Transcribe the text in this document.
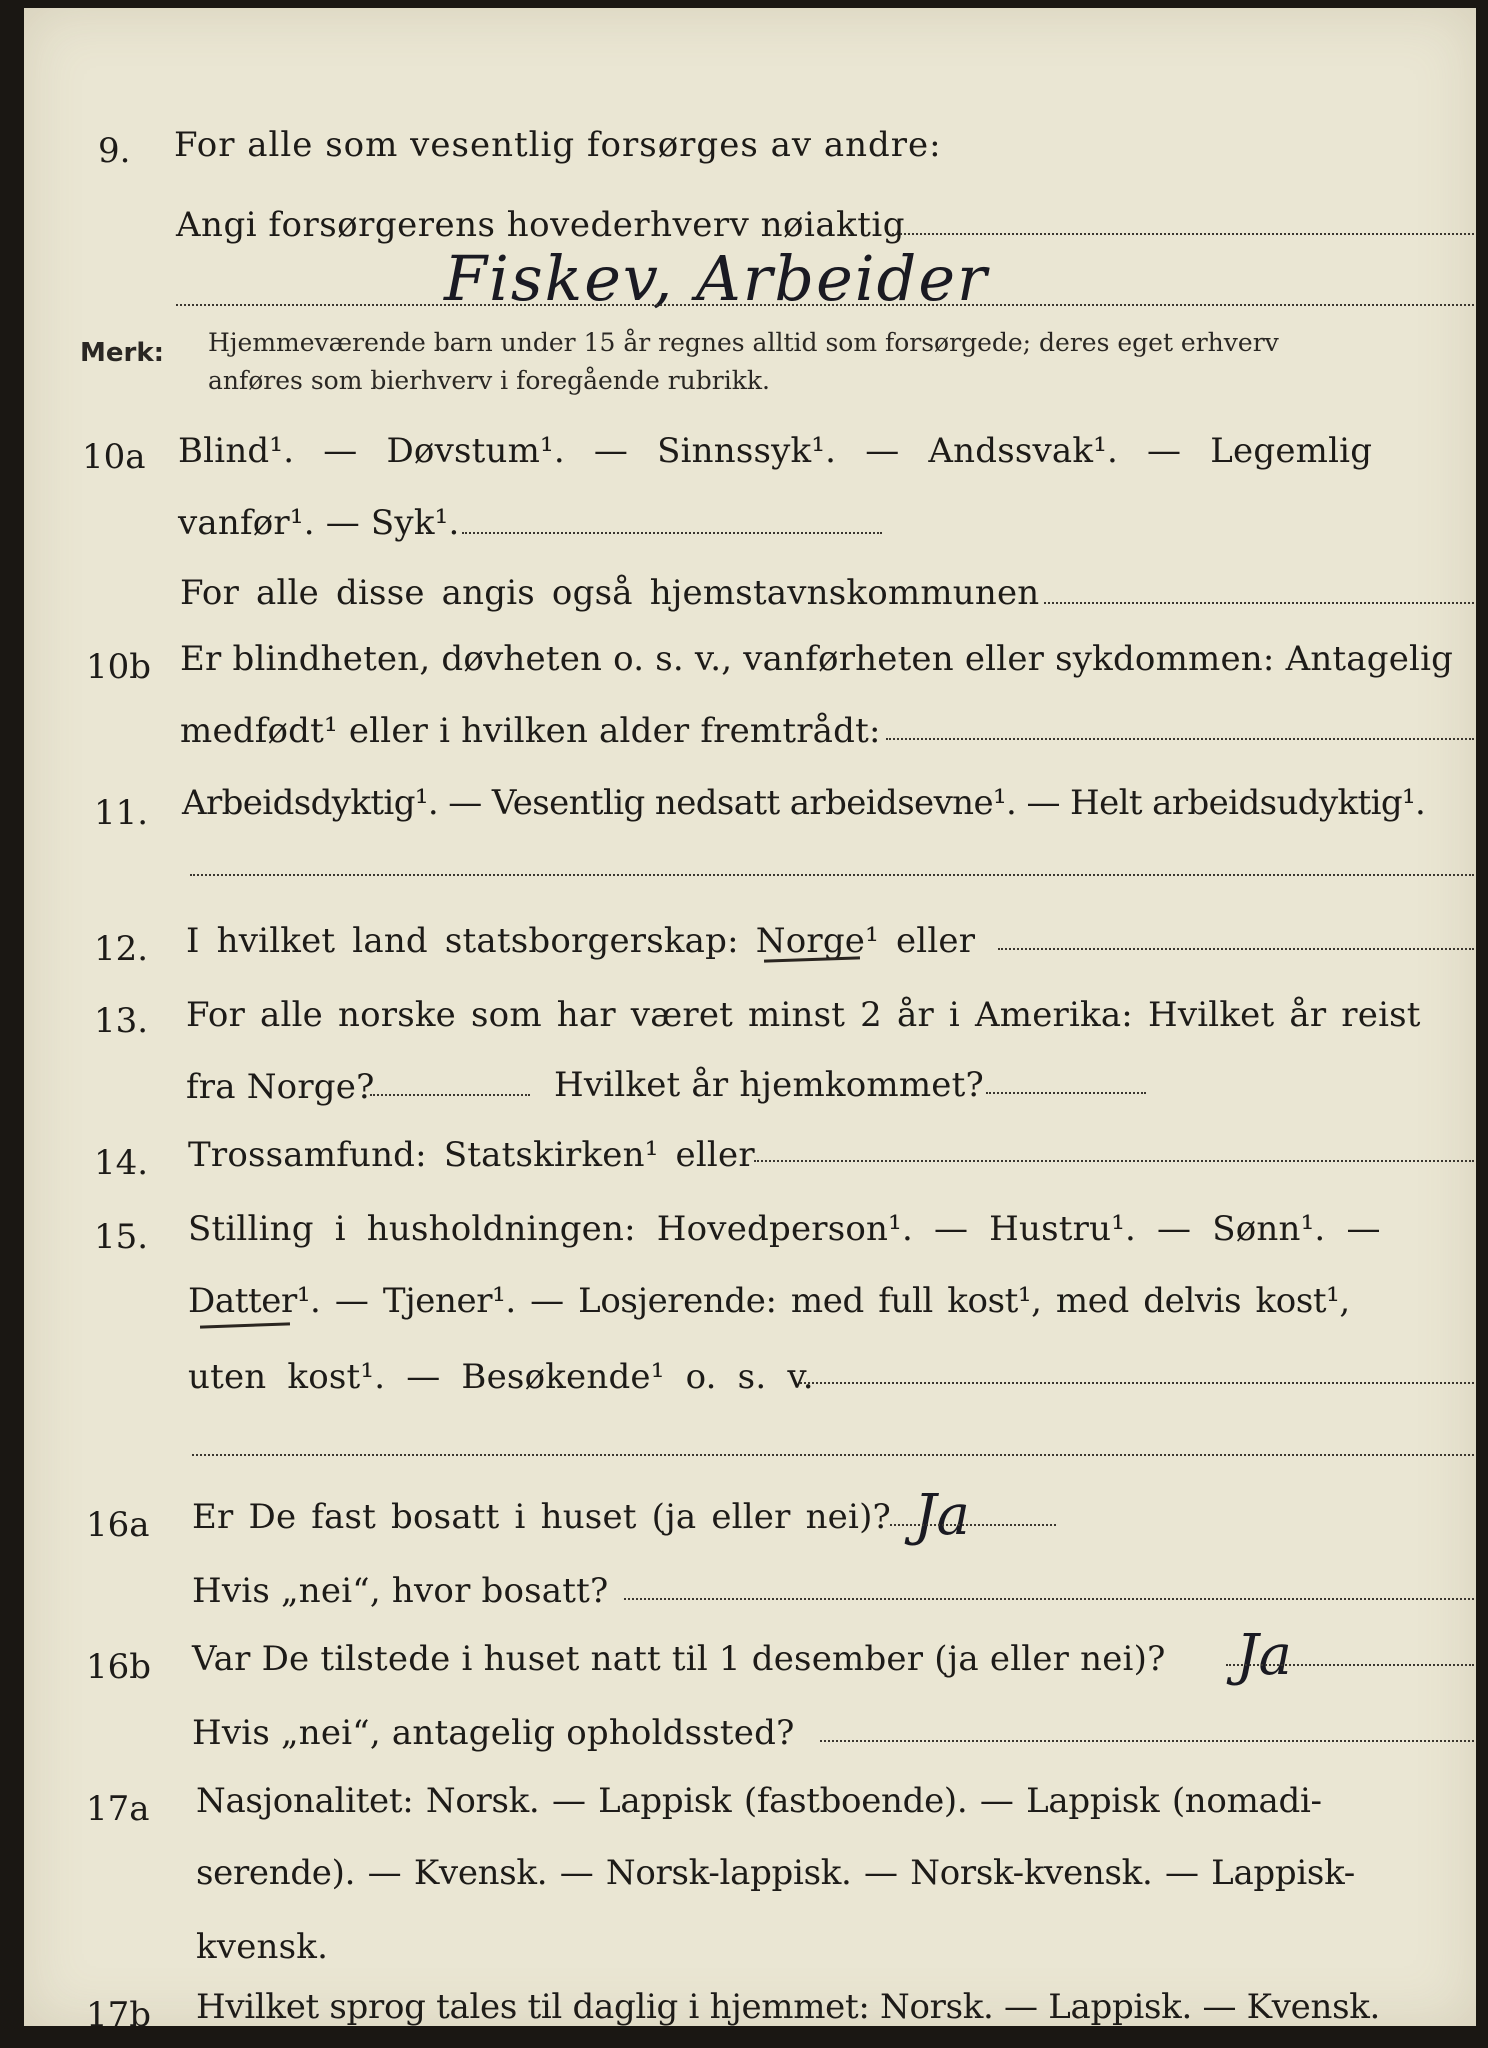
9. For alle som vesentlig forsørges av andre:
Angi forsørgerens hovederhverv nøiaktig
Fiskev, Arbeider
Merk: Hjemmeværende barn under 15 år regnes alltid som forsørgede; deres eget erhverv
anføres som bierhverv i foregående rubrikk.
10a Blind¹. — Døvstum¹. — Sinnssyk¹. — Andssvak¹. — Legemlig
vanfør¹. — Syk¹.
For alle disse angis også hjemstavnskommunen
10b Er blindheten, døvheten o. s. v., vanførheten eller sykdommen: Antagelig
medfødt¹ eller i hvilken alder fremtrådt:
11. Arbeidsdyktig¹. — Vesentlig nedsatt arbeidsevne¹. — Helt arbeidsudyktig¹.
12. I hvilket land statsborgerskap: Norge¹ eller
13. For alle norske som har været minst 2 år i Amerika: Hvilket år reist
fra Norge?	Hvilket år hjemkommet?
14. Trossamfund: Statskirken¹ eller
15. Stilling i husholdningen: Hovedperson¹. — Hustru¹. — Sønn¹. —
Datter¹. — Tjener¹. — Losjerende: med full kost¹, med delvis kost¹,
uten kost¹. — Besøkende¹ o. s. v.
16a Er De fast bosatt i huset (ja eller nei)? Ja
Hvis „nei“, hvor bosatt?
16b Var De tilstede i huset natt til 1 desember (ja eller nei)? Ja
Hvis „nei“, antagelig opholdssted?
17a Nasjonalitet: Norsk. — Lappisk (fastboende). — Lappisk (nomadi-
serende). — Kvensk. — Norsk-lappisk. — Norsk-kvensk. — Lappisk-
kvensk.
17b Hvilket sprog tales til daglig i hjemmet: Norsk. — Lappisk. — Kvensk.
